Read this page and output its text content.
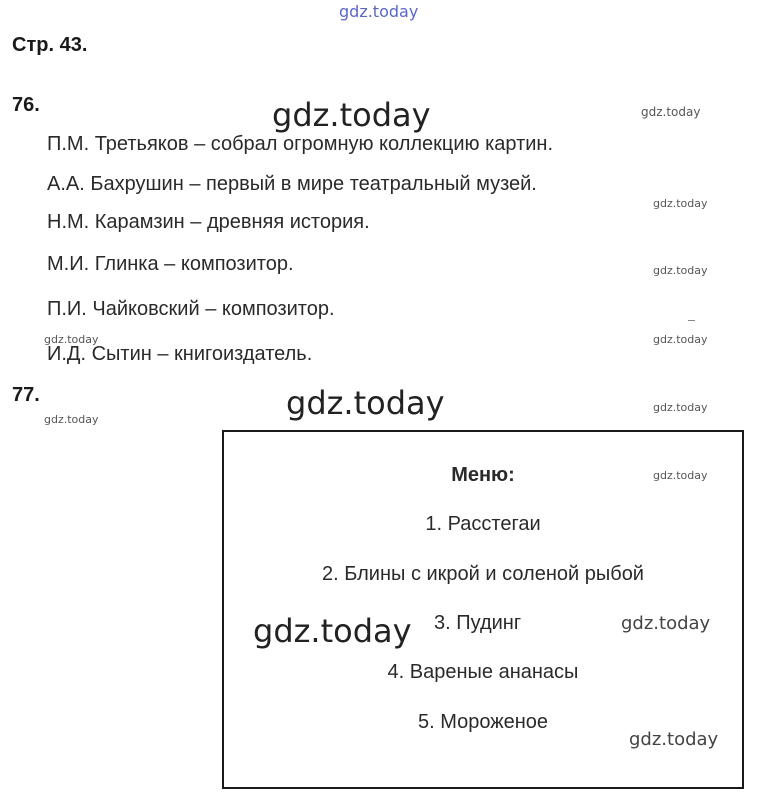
gdz.today
Стр. 43.
76.	gdz.today	gdz.today
П.М. Третьяков – собрал огромную коллекцию картин.
А.А. Бахрушин – первый в мире театральный музей.
gdz.today
Н.М. Карамзин – древняя история.
М.И. Глинка – композитор.	gdz.today
П.И. Чайковский – композитор.
gdz.today	gdz.today
И.Д. Сытин – книгоиздатель.
77.
gdz.today	gdz.today	gdz.today
Меню:	gdz.today
1. Расстегаи
2. Блины с икрой и соленой рыбой
gdz.today 3. Пудинг	gdz.today
4. Вареные ананасы
5. Мороженое
gdz.today
